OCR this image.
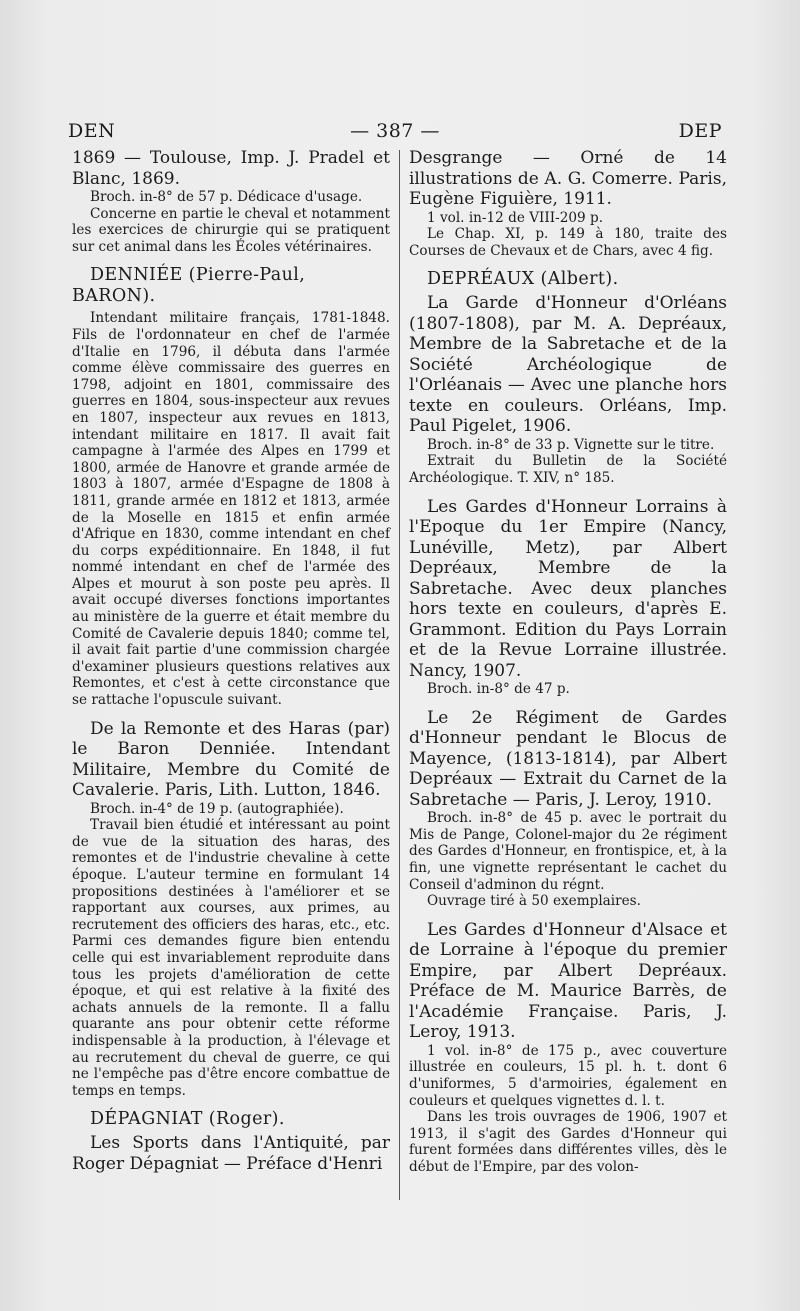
DEN	— 387 —	DEP
1869 — Toulouse, Imp. J. Pradel et Blanc, 1869.
Broch. in-8° de 57 p. Dédicace d'usage.
Concerne en partie le cheval et notamment les exercices de chirurgie qui se pratiquent sur cet animal dans les Écoles vétérinaires.
DENNIÉE (Pierre-Paul, BARON).
Intendant militaire français, 1781-1848. Fils de l'ordonnateur en chef de l'armée d'Italie en 1796, il débuta dans l'armée comme élève commissaire des guerres en 1798, adjoint en 1801, commissaire des guerres en 1804, sous-inspecteur aux revues en 1807, inspecteur aux revues en 1813, intendant militaire en 1817. Il avait fait campagne à l'armée des Alpes en 1799 et 1800, armée de Hanovre et grande armée de 1803 à 1807, armée d'Espagne de 1808 à 1811, grande armée en 1812 et 1813, armée de la Moselle en 1815 et enfin armée d'Afrique en 1830, comme intendant en chef du corps expéditionnaire. En 1848, il fut nommé intendant en chef de l'armée des Alpes et mourut à son poste peu après. Il avait occupé diverses fonctions importantes au ministère de la guerre et était membre du Comité de Cavalerie depuis 1840; comme tel, il avait fait partie d'une commission chargée d'examiner plusieurs questions relatives aux Remontes, et c'est à cette circonstance que se rattache l'opuscule suivant.
De la Remonte et des Haras (par) le Baron Denniée. Intendant Militaire, Membre du Comité de Cavalerie. Paris, Lith. Lutton, 1846.
Broch. in-4° de 19 p. (autographiée).
Travail bien étudié et intéressant au point de vue de la situation des haras, des remontes et de l'industrie chevaline à cette époque. L'auteur termine en formulant 14 propositions destinées à l'améliorer et se rapportant aux courses, aux primes, au recrutement des officiers des haras, etc., etc. Parmi ces demandes figure bien entendu celle qui est invariablement reproduite dans tous les projets d'amélioration de cette époque, et qui est relative à la fixité des achats annuels de la remonte. Il a fallu quarante ans pour obtenir cette réforme indispensable à la production, à l'élevage et au recrutement du cheval de guerre, ce qui ne l'empêche pas d'être encore combattue de temps en temps.
DÉPAGNIAT (Roger).
Les Sports dans l'Antiquité, par Roger Dépagniat — Préface d'Henri
Desgrange — Orné de 14 illustrations de A. G. Comerre. Paris, Eugène Figuière, 1911.
1 vol. in-12 de VIII-209 p.
Le Chap. XI, p. 149 à 180, traite des Courses de Chevaux et de Chars, avec 4 fig.
DEPRÉAUX (Albert).
La Garde d'Honneur d'Orléans (1807-1808), par M. A. Depréaux, Membre de la Sabretache et de la Société Archéologique de l'Orléanais — Avec une planche hors texte en couleurs. Orléans, Imp. Paul Pigelet, 1906.
Broch. in-8° de 33 p. Vignette sur le titre.
Extrait du Bulletin de la Société Archéologique. T. XIV, n° 185.
Les Gardes d'Honneur Lorrains à l'Epoque du 1er Empire (Nancy, Lunéville, Metz), par Albert Depréaux, Membre de la Sabretache. Avec deux planches hors texte en couleurs, d'après E. Grammont. Edition du Pays Lorrain et de la Revue Lorraine illustrée. Nancy, 1907.
Broch. in-8° de 47 p.
Le 2e Régiment de Gardes d'Honneur pendant le Blocus de Mayence, (1813-1814), par Albert Depréaux — Extrait du Carnet de la Sabretache — Paris, J. Leroy, 1910.
Broch. in-8° de 45 p. avec le portrait du Mis de Pange, Colonel-major du 2e régiment des Gardes d'Honneur, en frontispice, et, à la fin, une vignette représentant le cachet du Conseil d'adminon du régnt.
Ouvrage tiré à 50 exemplaires.
Les Gardes d'Honneur d'Alsace et de Lorraine à l'époque du premier Empire, par Albert Depréaux. Préface de M. Maurice Barrès, de l'Académie Française. Paris, J. Leroy, 1913.
1 vol. in-8° de 175 p., avec couverture illustrée en couleurs, 15 pl. h. t. dont 6 d'uniformes, 5 d'armoiries, également en couleurs et quelques vignettes d. l. t.
Dans les trois ouvrages de 1906, 1907 et 1913, il s'agit des Gardes d'Honneur qui furent formées dans différentes villes, dès le début de l'Empire, par des volon-
